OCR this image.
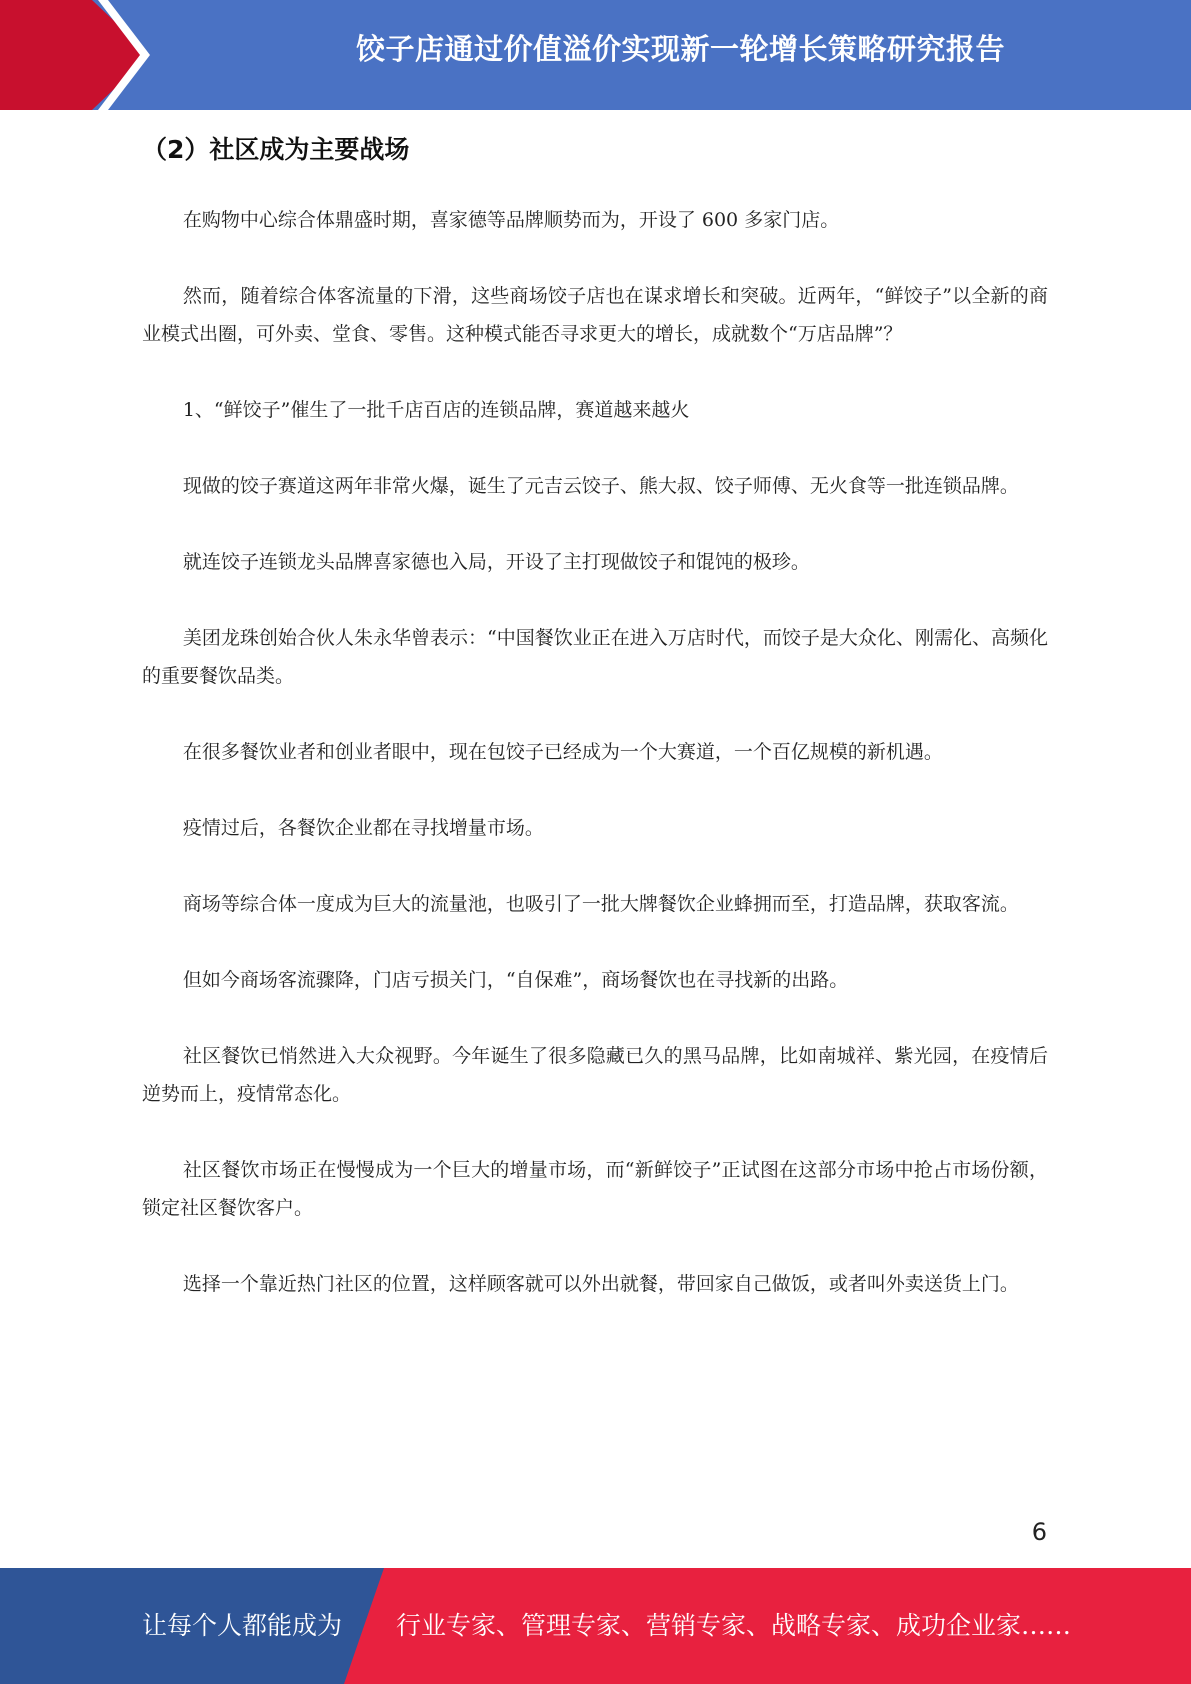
饺子店通过价值溢价实现新一轮增长策略研究报告
（2）社区成为主要战场

在购物中心综合体鼎盛时期，喜家德等品牌顺势而为，开设了 600 多家门店。

然而，随着综合体客流量的下滑，这些商场饺子店也在谋求增长和突破。近两年，“鲜饺子”以全新的商业模式出圈，可外卖、堂食、零售。这种模式能否寻求更大的增长，成就数个“万店品牌”？

1、“鲜饺子”催生了一批千店百店的连锁品牌，赛道越来越火

现做的饺子赛道这两年非常火爆，诞生了元吉云饺子、熊大叔、饺子师傅、无火食等一批连锁品牌。

就连饺子连锁龙头品牌喜家德也入局，开设了主打现做饺子和馄饨的极珍。

美团龙珠创始合伙人朱永华曾表示：“中国餐饮业正在进入万店时代，而饺子是大众化、刚需化、高频化的重要餐饮品类。

在很多餐饮业者和创业者眼中，现在包饺子已经成为一个大赛道，一个百亿规模的新机遇。

疫情过后，各餐饮企业都在寻找增量市场。

商场等综合体一度成为巨大的流量池，也吸引了一批大牌餐饮企业蜂拥而至，打造品牌，获取客流。

但如今商场客流骤降，门店亏损关门，“自保难”，商场餐饮也在寻找新的出路。

社区餐饮已悄然进入大众视野。今年诞生了很多隐藏已久的黑马品牌，比如南城祥、紫光园，在疫情后逆势而上，疫情常态化。

社区餐饮市场正在慢慢成为一个巨大的增量市场，而“新鲜饺子”正试图在这部分市场中抢占市场份额，锁定社区餐饮客户。

选择一个靠近热门社区的位置，这样顾客就可以外出就餐，带回家自己做饭，或者叫外卖送货上门。

6
让每个人都能成为 行业专家、管理专家、营销专家、战略专家、成功企业家……
